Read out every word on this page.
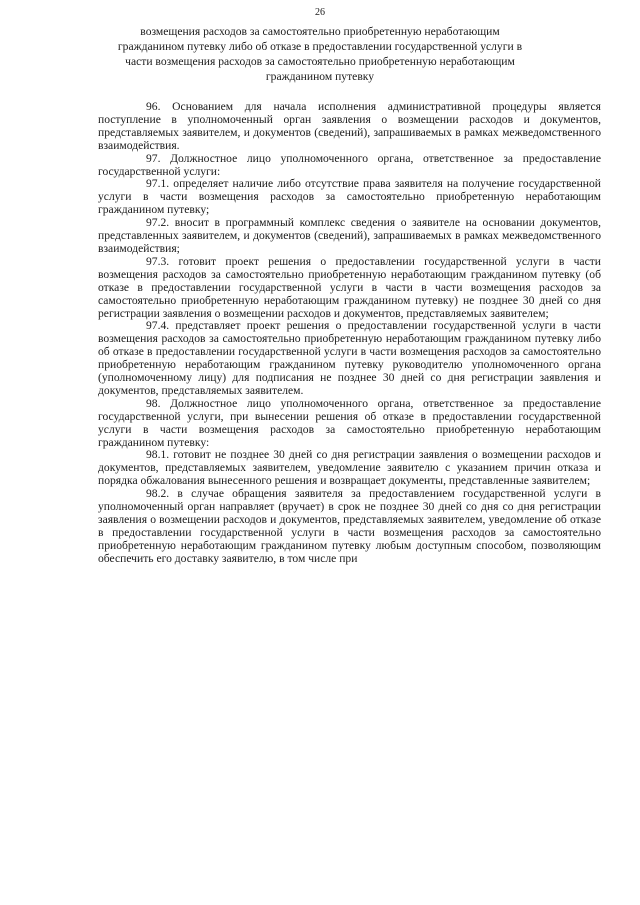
26
возмещения расходов за самостоятельно приобретенную неработающим гражданином путевку либо об отказе в предоставлении государственной услуги в части возмещения расходов за самостоятельно приобретенную неработающим гражданином путевку

96. Основанием для начала исполнения административной процедуры является поступление в уполномоченный орган заявления о возмещении расходов и документов, представляемых заявителем, и документов (сведений), запрашиваемых в рамках межведомственного взаимодействия.

97. Должностное лицо уполномоченного органа, ответственное за предоставление государственной услуги:

97.1. определяет наличие либо отсутствие права заявителя на получение государственной услуги в части возмещения расходов за самостоятельно приобретенную неработающим гражданином путевку;

97.2. вносит в программный комплекс сведения о заявителе на основании документов, представленных заявителем, и документов (сведений), запрашиваемых в рамках межведомственного взаимодействия;

97.3. готовит проект решения о предоставлении государственной услуги в части возмещения расходов за самостоятельно приобретенную неработающим гражданином путевку (об отказе в предоставлении государственной услуги в части в части возмещения расходов за самостоятельно приобретенную неработающим гражданином путевку) не позднее 30 дней со дня регистрации заявления о возмещении расходов и документов, представляемых заявителем;

97.4. представляет проект решения о предоставлении государственной услуги в части возмещения расходов за самостоятельно приобретенную неработающим гражданином путевку либо об отказе в предоставлении государственной услуги в части возмещения расходов за самостоятельно приобретенную неработающим гражданином путевку руководителю уполномоченного органа (уполномоченному лицу) для подписания не позднее 30 дней со дня регистрации заявления и документов, представляемых заявителем.

98. Должностное лицо уполномоченного органа, ответственное за предоставление государственной услуги, при вынесении решения об отказе в предоставлении государственной услуги в части возмещения расходов за самостоятельно приобретенную неработающим гражданином путевку:

98.1. готовит не позднее 30 дней со дня регистрации заявления о возмещении расходов и документов, представляемых заявителем, уведомление заявителю с указанием причин отказа и порядка обжалования вынесенного решения и возвращает документы, представленные заявителем;

98.2. в случае обращения заявителя за предоставлением государственной услуги в уполномоченный орган направляет (вручает) в срок не позднее 30 дней со дня со дня регистрации заявления о возмещении расходов и документов, представляемых заявителем, уведомление об отказе в предоставлении государственной услуги в части возмещения расходов за самостоятельно приобретенную неработающим гражданином путевку любым доступным способом, позволяющим обеспечить его доставку заявителю, в том числе при
